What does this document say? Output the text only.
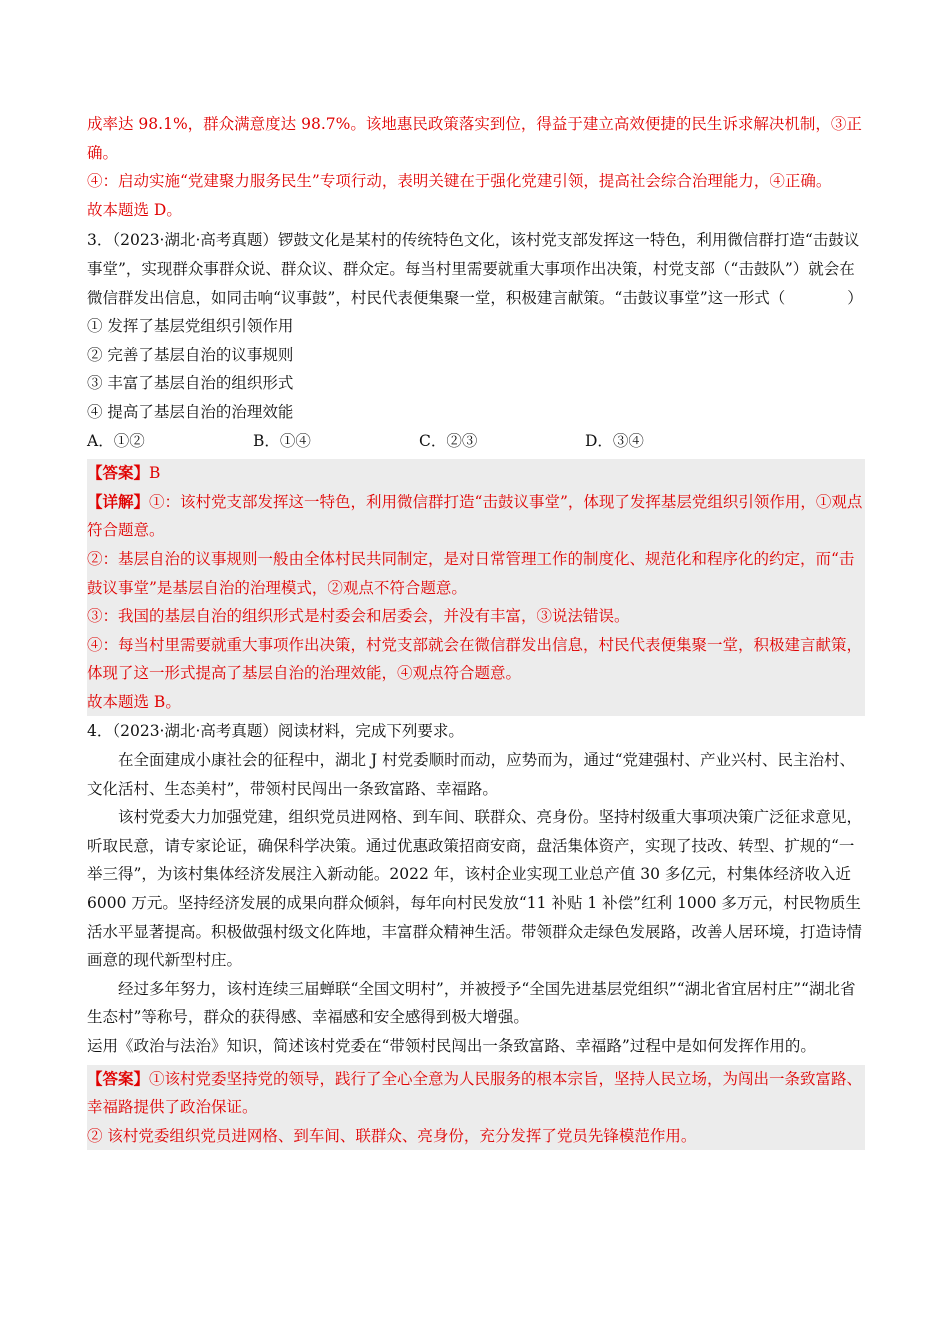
成率达 98.1%，群众满意度达 98.7%。该地惠民政策落实到位，得益于建立高效便捷的民生诉求解决机制，③正确。

④：启动实施“党建聚力服务民生”专项行动，表明关键在于强化党建引领，提高社会综合治理能力，④正确。

故本题选 D。

3．（2023·湖北·高考真题）锣鼓文化是某村的传统特色文化，该村党支部发挥这一特色，利用微信群打造“击鼓议事堂”，实现群众事群众说、群众议、群众定。每当村里需要就重大事项作出决策，村党支部（“击鼓队”）就会在微信群发出信息，如同击响“议事鼓”，村民代表便集聚一堂，积极建言献策。“击鼓议事堂”这一形式（　　　　）

① 发挥了基层党组织引领作用

② 完善了基层自治的议事规则

③ 丰富了基层自治的组织形式

④ 提高了基层自治的治理效能

A．①②	B．①④	C．②③	D．③④

【答案】B

【详解】①：该村党支部发挥这一特色，利用微信群打造“击鼓议事堂”，体现了发挥基层党组织引领作用，①观点符合题意。

②：基层自治的议事规则一般由全体村民共同制定，是对日常管理工作的制度化、规范化和程序化的约定，而“击鼓议事堂”是基层自治的治理模式，②观点不符合题意。

③：我国的基层自治的组织形式是村委会和居委会，并没有丰富，③说法错误。

④：每当村里需要就重大事项作出决策，村党支部就会在微信群发出信息，村民代表便集聚一堂，积极建言献策，体现了这一形式提高了基层自治的治理效能，④观点符合题意。

故本题选 B。

4．（2023·湖北·高考真题）阅读材料，完成下列要求。

在全面建成小康社会的征程中，湖北 J 村党委顺时而动，应势而为，通过“党建强村、产业兴村、民主治村、文化活村、生态美村”，带领村民闯出一条致富路、幸福路。

该村党委大力加强党建，组织党员进网格、到车间、联群众、亮身份。坚持村级重大事项决策广泛征求意见，听取民意，请专家论证，确保科学决策。通过优惠政策招商安商，盘活集体资产，实现了技改、转型、扩规的“一举三得”，为该村集体经济发展注入新动能。2022 年，该村企业实现工业总产值 30 多亿元，村集体经济收入近 6000 万元。坚持经济发展的成果向群众倾斜，每年向村民发放“11 补贴 1 补偿”红利 1000 多万元，村民物质生活水平显著提高。积极做强村级文化阵地，丰富群众精神生活。带领群众走绿色发展路，改善人居环境，打造诗情画意的现代新型村庄。

经过多年努力，该村连续三届蝉联“全国文明村”，并被授予“全国先进基层党组织”“湖北省宜居村庄”“湖北省生态村”等称号，群众的获得感、幸福感和安全感得到极大增强。

运用《政治与法治》知识，简述该村党委在“带领村民闯出一条致富路、幸福路”过程中是如何发挥作用的。

【答案】①该村党委坚持党的领导，践行了全心全意为人民服务的根本宗旨，坚持人民立场，为闯出一条致富路、幸福路提供了政治保证。

② 该村党委组织党员进网格、到车间、联群众、亮身份，充分发挥了党员先锋模范作用。
